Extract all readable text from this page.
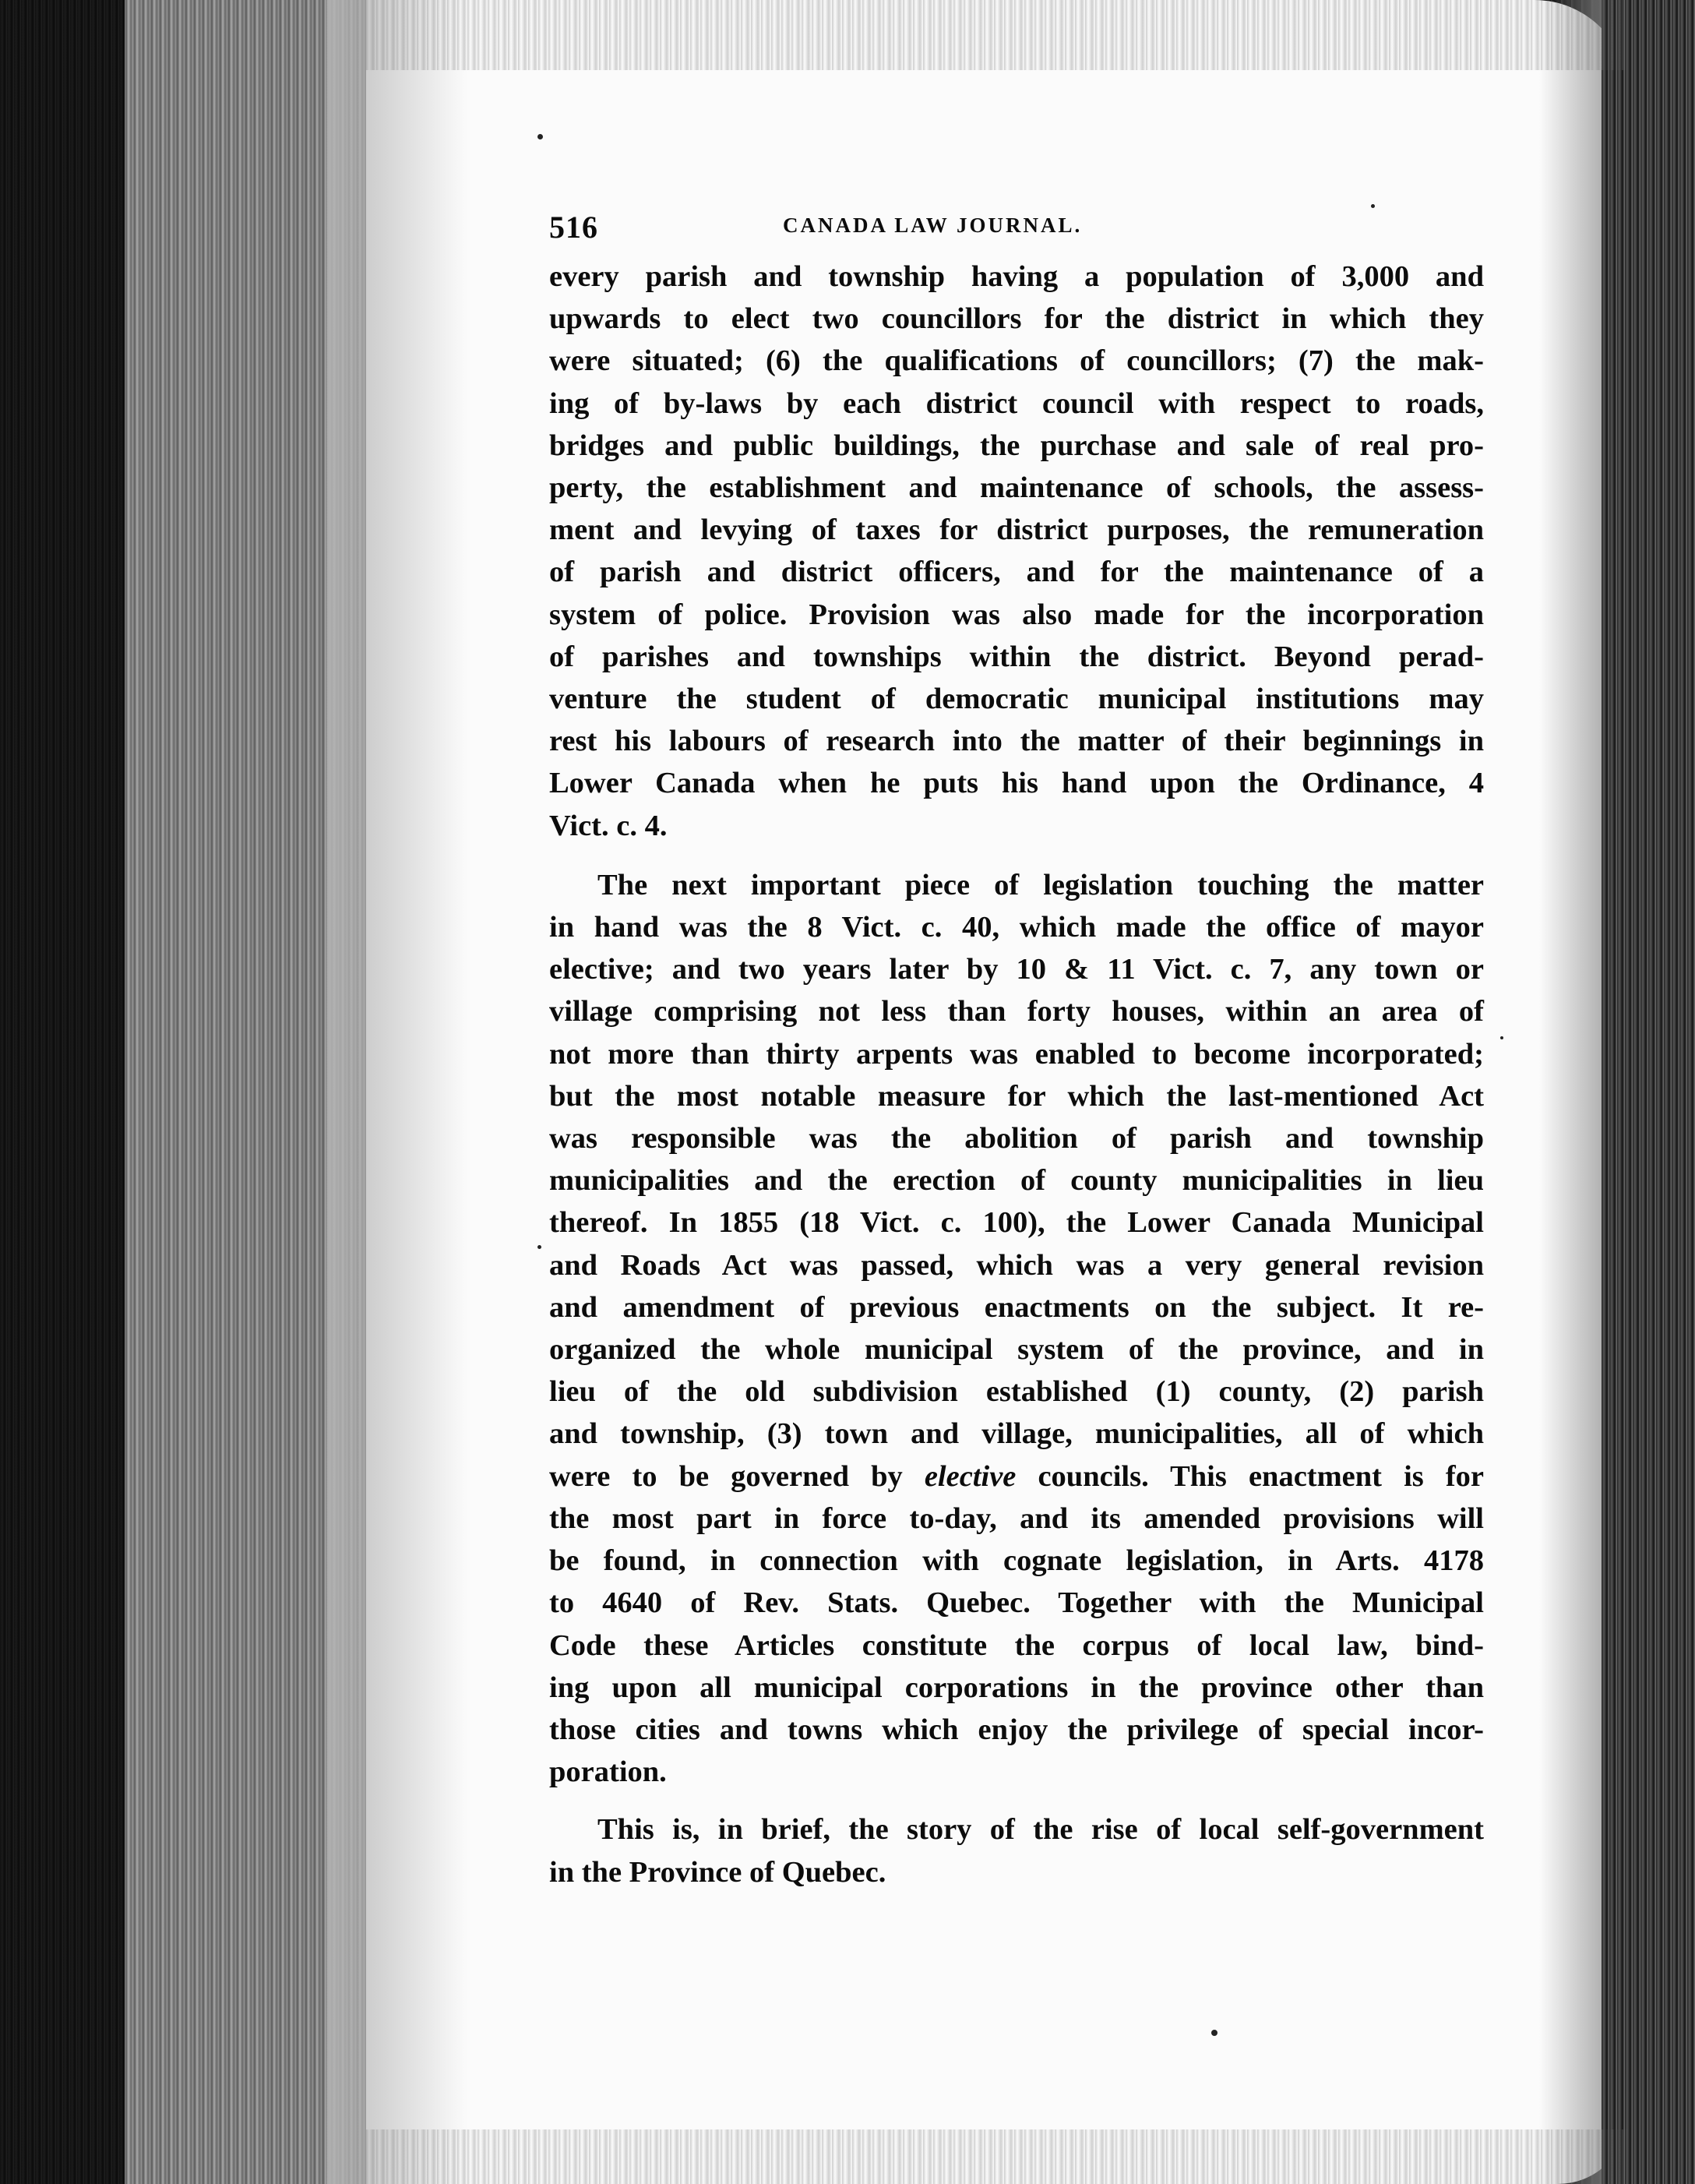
516	CANADA LAW JOURNAL.

every parish and township having a population of 3,000 and
upwards to elect two councillors for the district in which they
were situated; (6) the qualifications of councillors; (7) the mak-
ing of by-laws by each district council with respect to roads,
bridges and public buildings, the purchase and sale of real pro-
perty, the establishment and maintenance of schools, the assess-
ment and levying of taxes for district purposes, the remuneration
of parish and district officers, and for the maintenance of a
system of police. Provision was also made for the incorporation
of parishes and townships within the district. Beyond perad-
venture the student of democratic municipal institutions may
rest his labours of research into the matter of their beginnings in
Lower Canada when he puts his hand upon the Ordinance, 4
Vict. c. 4.

The next important piece of legislation touching the matter
in hand was the 8 Vict. c. 40, which made the office of mayor
elective; and two years later by 10 & 11 Vict. c. 7, any town or
village comprising not less than forty houses, within an area of
not more than thirty arpents was enabled to become incorporated;
but the most notable measure for which the last-mentioned Act
was responsible was the abolition of parish and township
municipalities and the erection of county municipalities in lieu
thereof. In 1855 (18 Vict. c. 100), the Lower Canada Municipal
and Roads Act was passed, which was a very general revision
and amendment of previous enactments on the subject. It re-
organized the whole municipal system of the province, and in
lieu of the old subdivision established (1) county, (2) parish
and township, (3) town and village, municipalities, all of which
were to be governed by elective councils. This enactment is for
the most part in force to-day, and its amended provisions will
be found, in connection with cognate legislation, in Arts. 4178
to 4640 of Rev. Stats. Quebec. Together with the Municipal
Code these Articles constitute the corpus of local law, bind-
ing upon all municipal corporations in the province other than
those cities and towns which enjoy the privilege of special incor-
poration.

This is, in brief, the story of the rise of local self-government
in the Province of Quebec.
